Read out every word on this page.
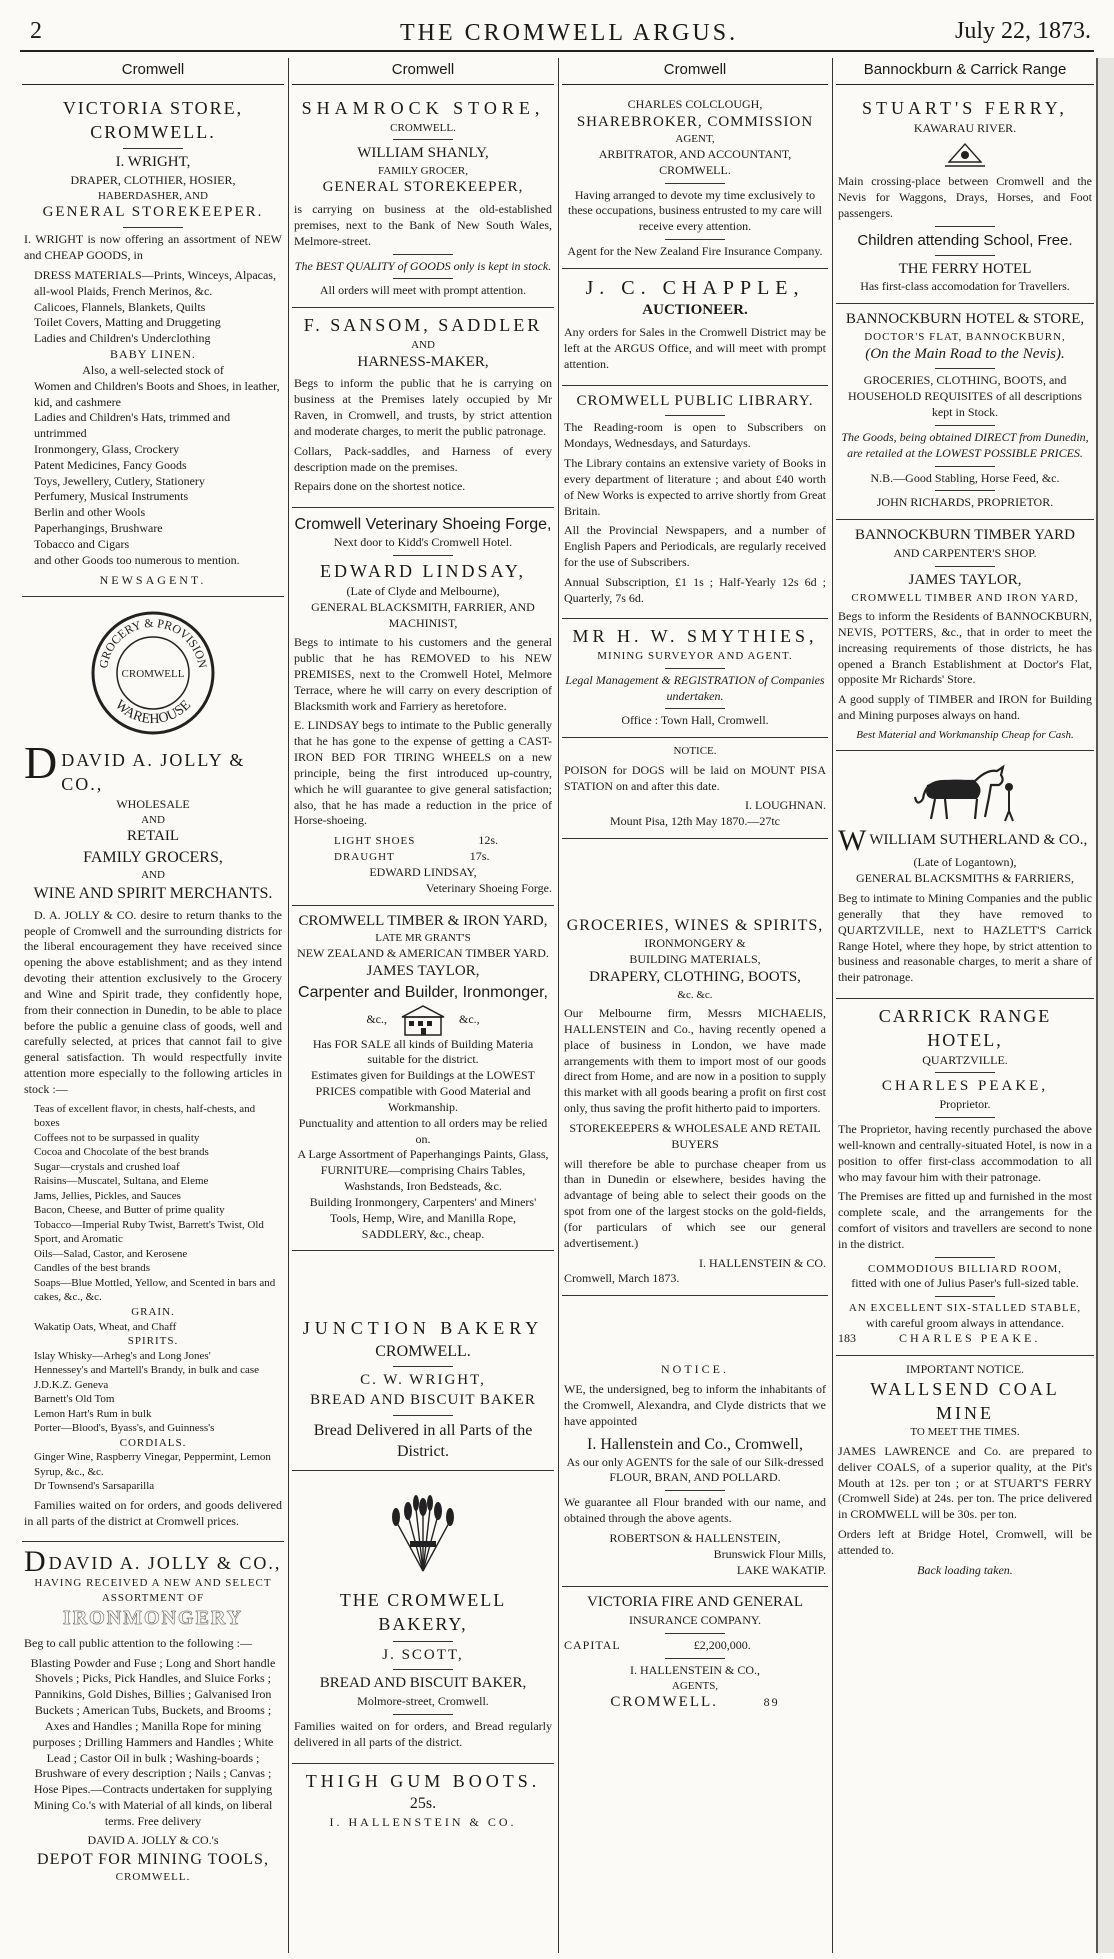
2	THE CROMWELL ARGUS.	July 22, 1873.
Cromwell
VICTORIA STORE, CROMWELL.
I. WRIGHT,
DRAPER, CLOTHIER, HOSIER,
HABERDASHER, AND
GENERAL STOREKEEPER.
I. WRIGHT is now offering an assortment of NEW and CHEAP GOODS, in
DRESS MATERIALS—Prints, Winceys, Alpacas, all-wool Plaids, French Merinos, &c.
Calicoes, Flannels, Blankets, Quilts
Toilet Covers, Matting and Druggeting
Ladies and Children's Underclothing
BABY LINEN.
Also, a well-selected stock of
Women and Children's Boots and Shoes, in leather, kid, and cashmere
Ladies and Children's Hats, trimmed and untrimmed
Ironmongery, Glass, Crockery
Patent Medicines, Fancy Goods
Toys, Jewellery, Cutlery, Stationery
Perfumery, Musical Instruments
Berlin and other Wools
Paperhangings, Brushware
Tobacco and Cigars
and other Goods too numerous to mention.
NEWSAGENT.
GROCERY & PROVISION
WAREHOUSE
CROMWELL
D DAVID A. JOLLY & CO.,
WHOLESALE
AND
RETAIL
FAMILY GROCERS,
AND
WINE AND SPIRIT MERCHANTS.
D. A. JOLLY & CO. desire to return thanks to the people of Cromwell and the surrounding districts for the liberal encouragement they have received since opening the above establishment; and as they intend devoting their attention exclusively to the Grocery and Wine and Spirit trade, they confidently hope, from their connection in Dunedin, to be able to place before the public a genuine class of goods, well and carefully selected, at prices that cannot fail to give general satisfaction. Th would respectfully invite attention more especially to the following articles in stock :—
Teas of excellent flavor, in chests, half-chests, and boxes
Coffees not to be surpassed in quality
Cocoa and Chocolate of the best brands
Sugar—crystals and crushed loaf
Raisins—Muscatel, Sultana, and Eleme
Jams, Jellies, Pickles, and Sauces
Bacon, Cheese, and Butter of prime quality
Tobacco—Imperial Ruby Twist, Barrett's Twist, Old Sport, and Aromatic
Oils—Salad, Castor, and Kerosene
Candles of the best brands
Soaps—Blue Mottled, Yellow, and Scented in bars and cakes, &c., &c.
GRAIN.
Wakatip Oats, Wheat, and Chaff
SPIRITS.
Islay Whisky—Arheg's and Long Jones'
Hennessey's and Martell's Brandy, in bulk and case
J.D.K.Z. Geneva
Barnett's Old Tom
Lemon Hart's Rum in bulk
Porter—Blood's, Byass's, and Guinness's
CORDIALS.
Ginger Wine, Raspberry Vinegar, Peppermint, Lemon Syrup, &c., &c.
Dr Townsend's Sarsaparilla
Families waited on for orders, and goods delivered in all parts of the district at Cromwell prices.
D DAVID A. JOLLY & CO.,
HAVING RECEIVED A NEW AND SELECT ASSORTMENT OF
IRONMONGERY
Beg to call public attention to the following :—
Blasting Powder and Fuse ; Long and Short handle Shovels ; Picks, Pick Handles, and Sluice Forks ; Pannikins, Gold Dishes, Billies ; Galvanised Iron Buckets ; American Tubs, Buckets, and Brooms ; Axes and Handles ; Manilla Rope for mining purposes ; Drilling Hammers and Handles ; White Lead ; Castor Oil in bulk ; Washing-boards ; Brushware of every description ; Nails ; Canvas ; Hose Pipes.—Contracts undertaken for supplying Mining Co.'s with Material of all kinds, on liberal terms. Free delivery
DAVID A. JOLLY & CO.'s
DEPOT FOR MINING TOOLS,
CROMWELL.
Cromwell
SHAMROCK STORE,
CROMWELL.
WILLIAM SHANLY,
FAMILY GROCER,
GENERAL STOREKEEPER,
is carrying on business at the old-established premises, next to the Bank of New South Wales, Melmore-street.
The BEST QUALITY of GOODS only is kept in stock.
All orders will meet with prompt attention.
F. SANSOM, SADDLER
AND
HARNESS-MAKER,
Begs to inform the public that he is carrying on business at the Premises lately occupied by Mr Raven, in Cromwell, and trusts, by strict attention and moderate charges, to merit the public patronage.
Collars, Pack-saddles, and Harness of every description made on the premises.
Repairs done on the shortest notice.
Cromwell Veterinary Shoeing Forge,
Next door to Kidd's Cromwell Hotel.
EDWARD LINDSAY,
(Late of Clyde and Melbourne),
GENERAL BLACKSMITH, FARRIER, AND MACHINIST,
Begs to intimate to his customers and the general public that he has REMOVED to his NEW PREMISES, next to the Cromwell Hotel, Melmore Terrace, where he will carry on every description of Blacksmith work and Farriery as heretofore.
E. LINDSAY begs to intimate to the Public generally that he has gone to the expense of getting a CAST-IRON BED FOR TIRING WHEELS on a new principle, being the first introduced up-country, which he will guarantee to give general satisfaction; also, that he has made a reduction in the price of Horse-shoeing.
LIGHT SHOES	12s.
DRAUGHT	17s.
EDWARD LINDSAY,
Veterinary Shoeing Forge.
CROMWELL TIMBER & IRON YARD,
LATE MR GRANT'S
NEW ZEALAND & AMERICAN TIMBER YARD.
JAMES TAYLOR,
Carpenter and Builder, Ironmonger,
&c.,	&c.,
Has FOR SALE all kinds of Building Materia suitable for the district.
Estimates given for Buildings at the LOWEST PRICES compatible with Good Material and Workmanship.
Punctuality and attention to all orders may be relied on.
A Large Assortment of Paperhangings Paints, Glass, FURNITURE—comprising Chairs Tables, Washstands, Iron Bedsteads, &c.
Building Ironmongery, Carpenters' and Miners' Tools, Hemp, Wire, and Manilla Rope,
SADDLERY, &c., cheap.
JUNCTION BAKERY
CROMWELL.
C. W. WRIGHT,
BREAD AND BISCUIT BAKER
Bread Delivered in all Parts of the District.
THE CROMWELL BAKERY,
J. SCOTT,
BREAD AND BISCUIT BAKER,
Molmore-street, Cromwell.
Families waited on for orders, and Bread regularly delivered in all parts of the district.
THIGH GUM BOOTS.
25s.
I. HALLENSTEIN & CO.
Cromwell
CHARLES COLCLOUGH,
SHAREBROKER, COMMISSION
AGENT,
ARBITRATOR, AND ACCOUNTANT,
CROMWELL.
Having arranged to devote my time exclusively to these occupations, business entrusted to my care will receive every attention.
Agent for the New Zealand Fire Insurance Company.
J. C. CHAPPLE,
AUCTIONEER.
Any orders for Sales in the Cromwell District may be left at the ARGUS Office, and will meet with prompt attention.
CROMWELL PUBLIC LIBRARY.
The Reading-room is open to Subscribers on Mondays, Wednesdays, and Saturdays.
The Library contains an extensive variety of Books in every department of literature ; and about £40 worth of New Works is expected to arrive shortly from Great Britain.
All the Provincial Newspapers, and a number of English Papers and Periodicals, are regularly received for the use of Subscribers.
Annual Subscription, £1 1s ; Half-Yearly 12s 6d ; Quarterly, 7s 6d.
MR H. W. SMYTHIES,
MINING SURVEYOR AND AGENT.
Legal Management & REGISTRATION of Companies undertaken.
Office : Town Hall, Cromwell.
NOTICE.
POISON for DOGS will be laid on MOUNT PISA STATION on and after this date.
I. LOUGHNAN.
Mount Pisa, 12th May 1870.—27tc
GROCERIES, WINES & SPIRITS,
IRONMONGERY &
BUILDING MATERIALS,
DRAPERY, CLOTHING, BOOTS,
&c. &c.
Our Melbourne firm, Messrs MICHAELIS, HALLENSTEIN and Co., having recently opened a place of business in London, we have made arrangements with them to import most of our goods direct from Home, and are now in a position to supply this market with all goods bearing a profit on first cost only, thus saving the profit hitherto paid to importers.
STOREKEEPERS & WHOLESALE AND RETAIL BUYERS
will therefore be able to purchase cheaper from us than in Dunedin or elsewhere, besides having the advantage of being able to select their goods on the spot from one of the largest stocks on the gold-fields, (for particulars of which see our general advertisement.)
I. HALLENSTEIN & CO.
Cromwell, March 1873.
NOTICE.
WE, the undersigned, beg to inform the inhabitants of the Cromwell, Alexandra, and Clyde districts that we have appointed
I. Hallenstein and Co., Cromwell,
As our only AGENTS for the sale of our Silk-dressed
FLOUR, BRAN, AND POLLARD.
We guarantee all Flour branded with our name, and obtained through the above agents.
ROBERTSON & HALLENSTEIN,
Brunswick Flour Mills,
LAKE WAKATIP.
VICTORIA FIRE AND GENERAL
INSURANCE COMPANY.
CAPITAL	£2,200,000.
I. HALLENSTEIN & CO.,
AGENTS,
CROMWELL.	89
Bannockburn & Carrick Range
STUART'S FERRY,
KAWARAU RIVER.
Main crossing-place between Cromwell and the Nevis for Waggons, Drays, Horses, and Foot passengers.
Children attending School, Free.
THE FERRY HOTEL
Has first-class accomodation for Travellers.
BANNOCKBURN HOTEL & STORE,
DOCTOR'S FLAT, BANNOCKBURN,
(On the Main Road to the Nevis).
GROCERIES, CLOTHING, BOOTS, and HOUSEHOLD REQUISITES of all descriptions kept in Stock.
The Goods, being obtained DIRECT from Dunedin, are retailed at the LOWEST POSSIBLE PRICES.
N.B.—Good Stabling, Horse Feed, &c.
JOHN RICHARDS, PROPRIETOR.
BANNOCKBURN TIMBER YARD
AND CARPENTER'S SHOP.
JAMES TAYLOR,
CROMWELL TIMBER AND IRON YARD,
Begs to inform the Residents of BANNOCKBURN, NEVIS, POTTERS, &c., that in order to meet the increasing requirements of those districts, he has opened a Branch Establishment at Doctor's Flat, opposite Mr Richards' Store.
A good supply of TIMBER and IRON for Building and Mining purposes always on hand.
Best Material and Workmanship Cheap for Cash.
W WILLIAM SUTHERLAND & CO.,
(Late of Logantown),
GENERAL BLACKSMITHS & FARRIERS,
Beg to intimate to Mining Companies and the public generally that they have removed to QUARTZVILLE, next to HAZLETT'S Carrick Range Hotel, where they hope, by strict attention to business and reasonable charges, to merit a share of their patronage.
CARRICK RANGE HOTEL,
QUARTZVILLE.
CHARLES PEAKE,
Proprietor.
The Proprietor, having recently purchased the above well-known and centrally-situated Hotel, is now in a position to offer first-class accommodation to all who may favour him with their patronage.
The Premises are fitted up and furnished in the most complete scale, and the arrangements for the comfort of visitors and travellers are second to none in the district.
COMMODIOUS BILLIARD ROOM,
fitted with one of Julius Paser's full-sized table.
AN EXCELLENT SIX-STALLED STABLE,
with careful groom always in attendance.
183	CHARLES PEAKE.
IMPORTANT NOTICE.
WALLSEND COAL MINE
TO MEET THE TIMES.
JAMES LAWRENCE and Co. are prepared to deliver COALS, of a superior quality, at the Pit's Mouth at 12s. per ton ; or at STUART'S FERRY (Cromwell Side) at 24s. per ton. The price delivered in CROMWELL will be 30s. per ton.
Orders left at Bridge Hotel, Cromwell, will be attended to.
Back loading taken.
